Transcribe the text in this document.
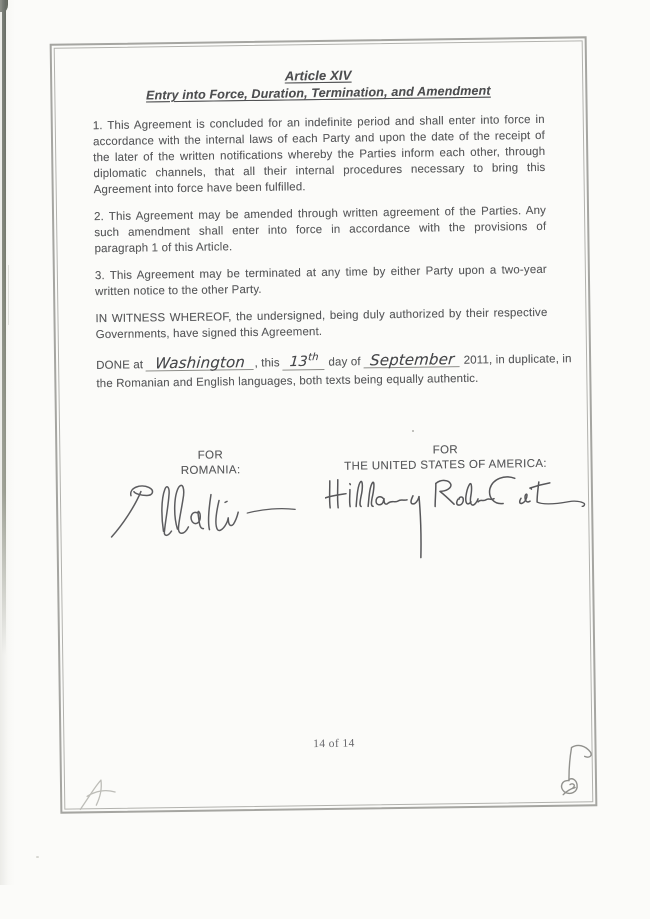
Article XIV
Entry into Force, Duration, Termination, and Amendment
1. This Agreement is concluded for an indefinite period and shall enter into force in
accordance with the internal laws of each Party and upon the date of the receipt of
the later of the written notifications whereby the Parties inform each other, through
diplomatic channels, that all their internal procedures necessary to bring this
Agreement into force have been fulfilled.
2. This Agreement may be amended through written agreement of the Parties. Any
such amendment shall enter into force in accordance with the provisions of
paragraph 1 of this Article.
3. This Agreement may be terminated at any time by either Party upon a two-year
written notice to the other Party.
IN WITNESS WHEREOF, the undersigned, being duly authorized by their respective
Governments, have signed this Agreement.
DONE at Washington , this 13th day of September 2011, in duplicate, in
the Romanian and English languages, both texts being equally authentic.
FOR
ROMANIA:
FOR
THE UNITED STATES OF AMERICA:
14 of 14
